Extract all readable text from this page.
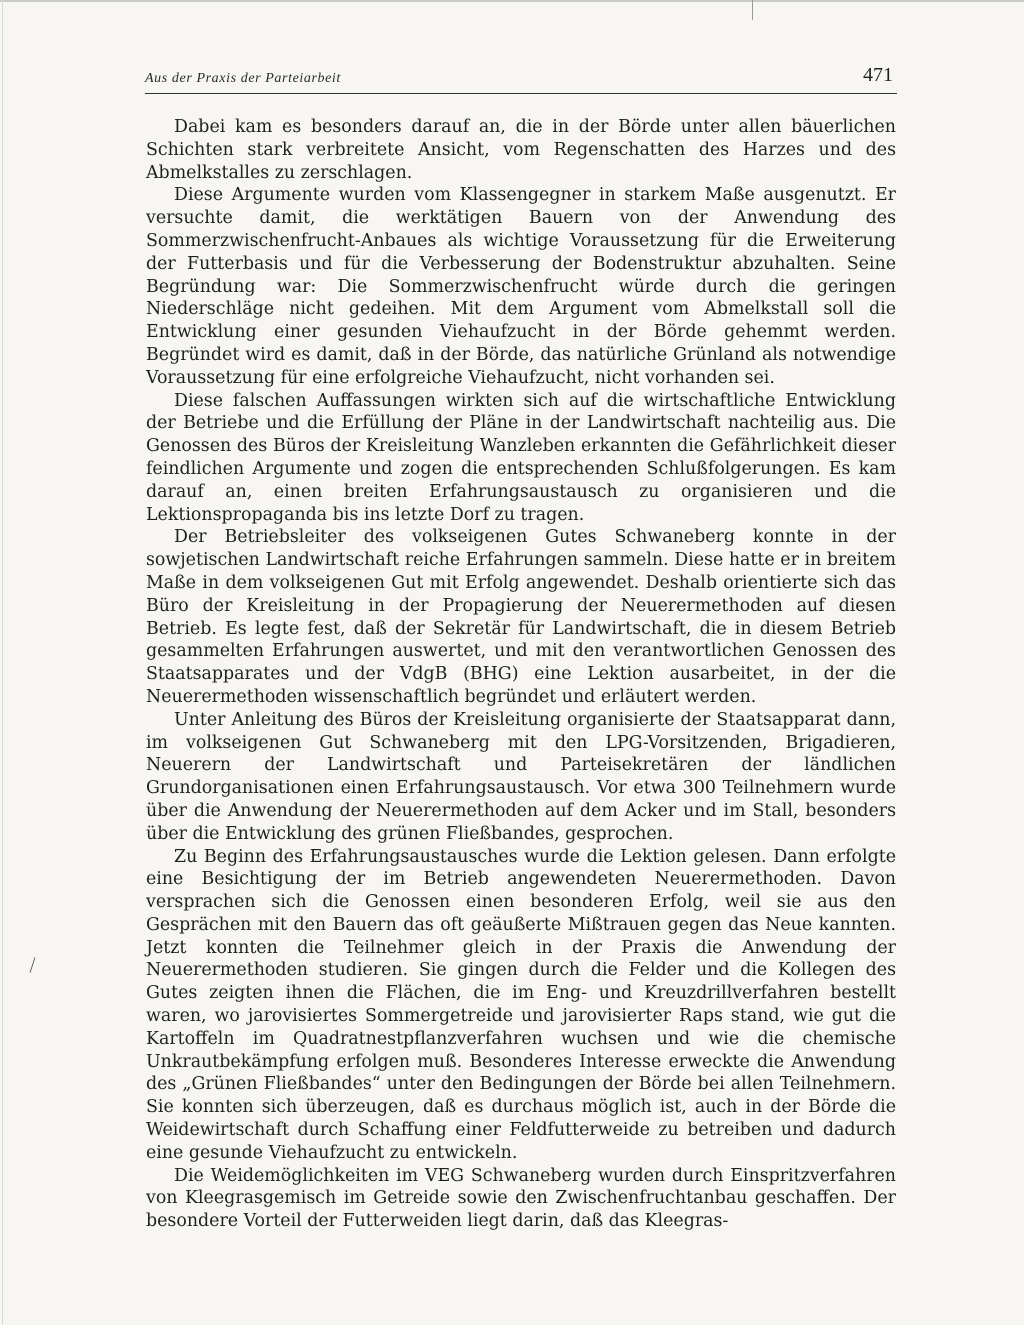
Aus der Praxis der Parteiarbeit	471

Dabei kam es besonders darauf an, die in der Börde unter allen bäuerlichen Schichten stark verbreitete Ansicht, vom Regenschatten des Harzes und des Abmelkstalles zu zerschlagen.

Diese Argumente wurden vom Klassengegner in starkem Maße ausgenutzt. Er versuchte damit, die werktätigen Bauern von der Anwendung des Sommerzwischenfrucht-Anbaues als wichtige Voraussetzung für die Erweiterung der Futterbasis und für die Verbesserung der Bodenstruktur abzuhalten. Seine Begründung war: Die Sommerzwischenfrucht würde durch die geringen Niederschläge nicht gedeihen. Mit dem Argument vom Abmelkstall soll die Entwicklung einer gesunden Viehaufzucht in der Börde gehemmt werden. Begründet wird es damit, daß in der Börde, das natürliche Grünland als notwendige Voraussetzung für eine erfolgreiche Viehaufzucht, nicht vorhanden sei.

Diese falschen Auffassungen wirkten sich auf die wirtschaftliche Entwicklung der Betriebe und die Erfüllung der Pläne in der Landwirtschaft nachteilig aus. Die Genossen des Büros der Kreisleitung Wanzleben erkannten die Gefährlichkeit dieser feindlichen Argumente und zogen die entsprechenden Schlußfolgerungen. Es kam darauf an, einen breiten Erfahrungsaustausch zu organisieren und die Lektionspropaganda bis ins letzte Dorf zu tragen.

Der Betriebsleiter des volkseigenen Gutes Schwaneberg konnte in der sowjetischen Landwirtschaft reiche Erfahrungen sammeln. Diese hatte er in breitem Maße in dem volkseigenen Gut mit Erfolg angewendet. Deshalb orientierte sich das Büro der Kreisleitung in der Propagierung der Neuerermethoden auf diesen Betrieb. Es legte fest, daß der Sekretär für Landwirtschaft, die in diesem Betrieb gesammelten Erfahrungen auswertet, und mit den verantwortlichen Genossen des Staatsapparates und der VdgB (BHG) eine Lektion ausarbeitet, in der die Neuerermethoden wissenschaftlich begründet und erläutert werden.

Unter Anleitung des Büros der Kreisleitung organisierte der Staatsapparat dann, im volkseigenen Gut Schwaneberg mit den LPG-Vorsitzenden, Brigadieren, Neuerern der Landwirtschaft und Parteisekretären der ländlichen Grundorganisationen einen Erfahrungsaustausch. Vor etwa 300 Teilnehmern wurde über die Anwendung der Neuerermethoden auf dem Acker und im Stall, besonders über die Entwicklung des grünen Fließbandes, gesprochen.

Zu Beginn des Erfahrungsaustausches wurde die Lektion gelesen. Dann erfolgte eine Besichtigung der im Betrieb angewendeten Neuerermethoden. Davon versprachen sich die Genossen einen besonderen Erfolg, weil sie aus den Gesprächen mit den Bauern das oft geäußerte Mißtrauen gegen das Neue kannten. Jetzt konnten die Teilnehmer gleich in der Praxis die Anwendung der Neuerermethoden studieren. Sie gingen durch die Felder und die Kollegen des Gutes zeigten ihnen die Flächen, die im Eng- und Kreuzdrillverfahren bestellt waren, wo jarovisiertes Sommergetreide und jarovisierter Raps stand, wie gut die Kartoffeln im Quadratnestpflanzverfahren wuchsen und wie die chemische Unkrautbekämpfung erfolgen muß. Besonderes Interesse erweckte die Anwendung des „Grünen Fließbandes“ unter den Bedingungen der Börde bei allen Teilnehmern. Sie konnten sich überzeugen, daß es durchaus möglich ist, auch in der Börde die Weidewirtschaft durch Schaffung einer Feldfutterweide zu betreiben und dadurch eine gesunde Viehaufzucht zu entwickeln.

Die Weidemöglichkeiten im VEG Schwaneberg wurden durch Einspritzverfahren von Kleegrasgemisch im Getreide sowie den Zwischenfruchtanbau geschaffen. Der besondere Vorteil der Futterweiden liegt darin, daß das Kleegras-
